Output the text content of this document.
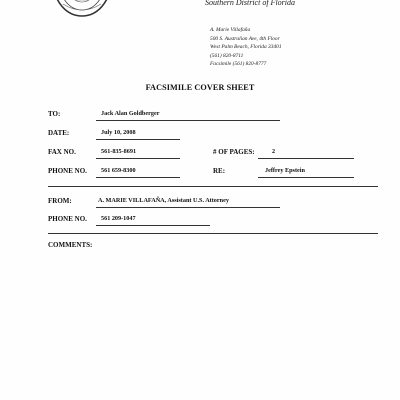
Southern District of Florida
A. Marie Villafaña
500 S. Australian Ave, 4th Floor
West Palm Beach, Florida 33401
(561) 820-8711
Facsimile (561) 820-8777
FACSIMILE COVER SHEET
TO:	Jack Alan Goldberger
DATE:	July 10, 2008
FAX NO.	561-835-8691	# OF PAGES:	2
PHONE NO. 561 659-8300	RE:	Jeffrey Epstein
FROM:	A. MARIE VILLAFAÑA, Assistant U.S. Attorney
PHONE NO. 561 209-1047
COMMENTS:
